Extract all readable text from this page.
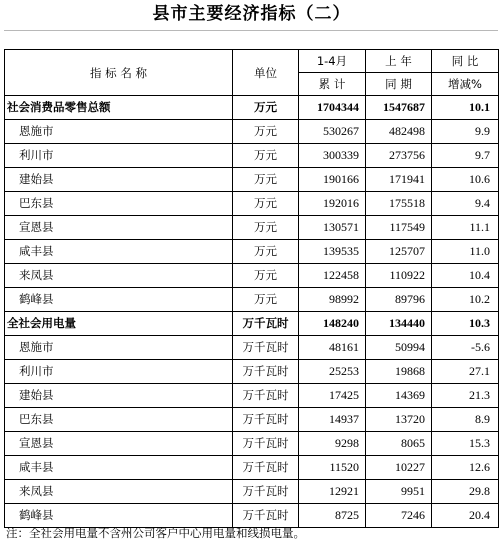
县市主要经济指标（二）
指 标 名 称	单位	1-4月	上 年	同 比
		累 计	同 期	增减%
社会消费品零售总额	万元	1704344	1547687	10.1
恩施市	万元	530267	482498	9.9
利川市	万元	300339	273756	9.7
建始县	万元	190166	171941	10.6
巴东县	万元	192016	175518	9.4
宣恩县	万元	130571	117549	11.1
咸丰县	万元	139535	125707	11.0
来凤县	万元	122458	110922	10.4
鹤峰县	万元	98992	89796	10.2
全社会用电量	万千瓦时	148240	134440	10.3
恩施市	万千瓦时	48161	50994	-5.6
利川市	万千瓦时	25253	19868	27.1
建始县	万千瓦时	17425	14369	21.3
巴东县	万千瓦时	14937	13720	8.9
宣恩县	万千瓦时	9298	8065	15.3
咸丰县	万千瓦时	11520	10227	12.6
来凤县	万千瓦时	12921	9951	29.8
鹤峰县	万千瓦时	8725	7246	20.4
注：全社会用电量不含州公司客户中心用电量和线损电量。
